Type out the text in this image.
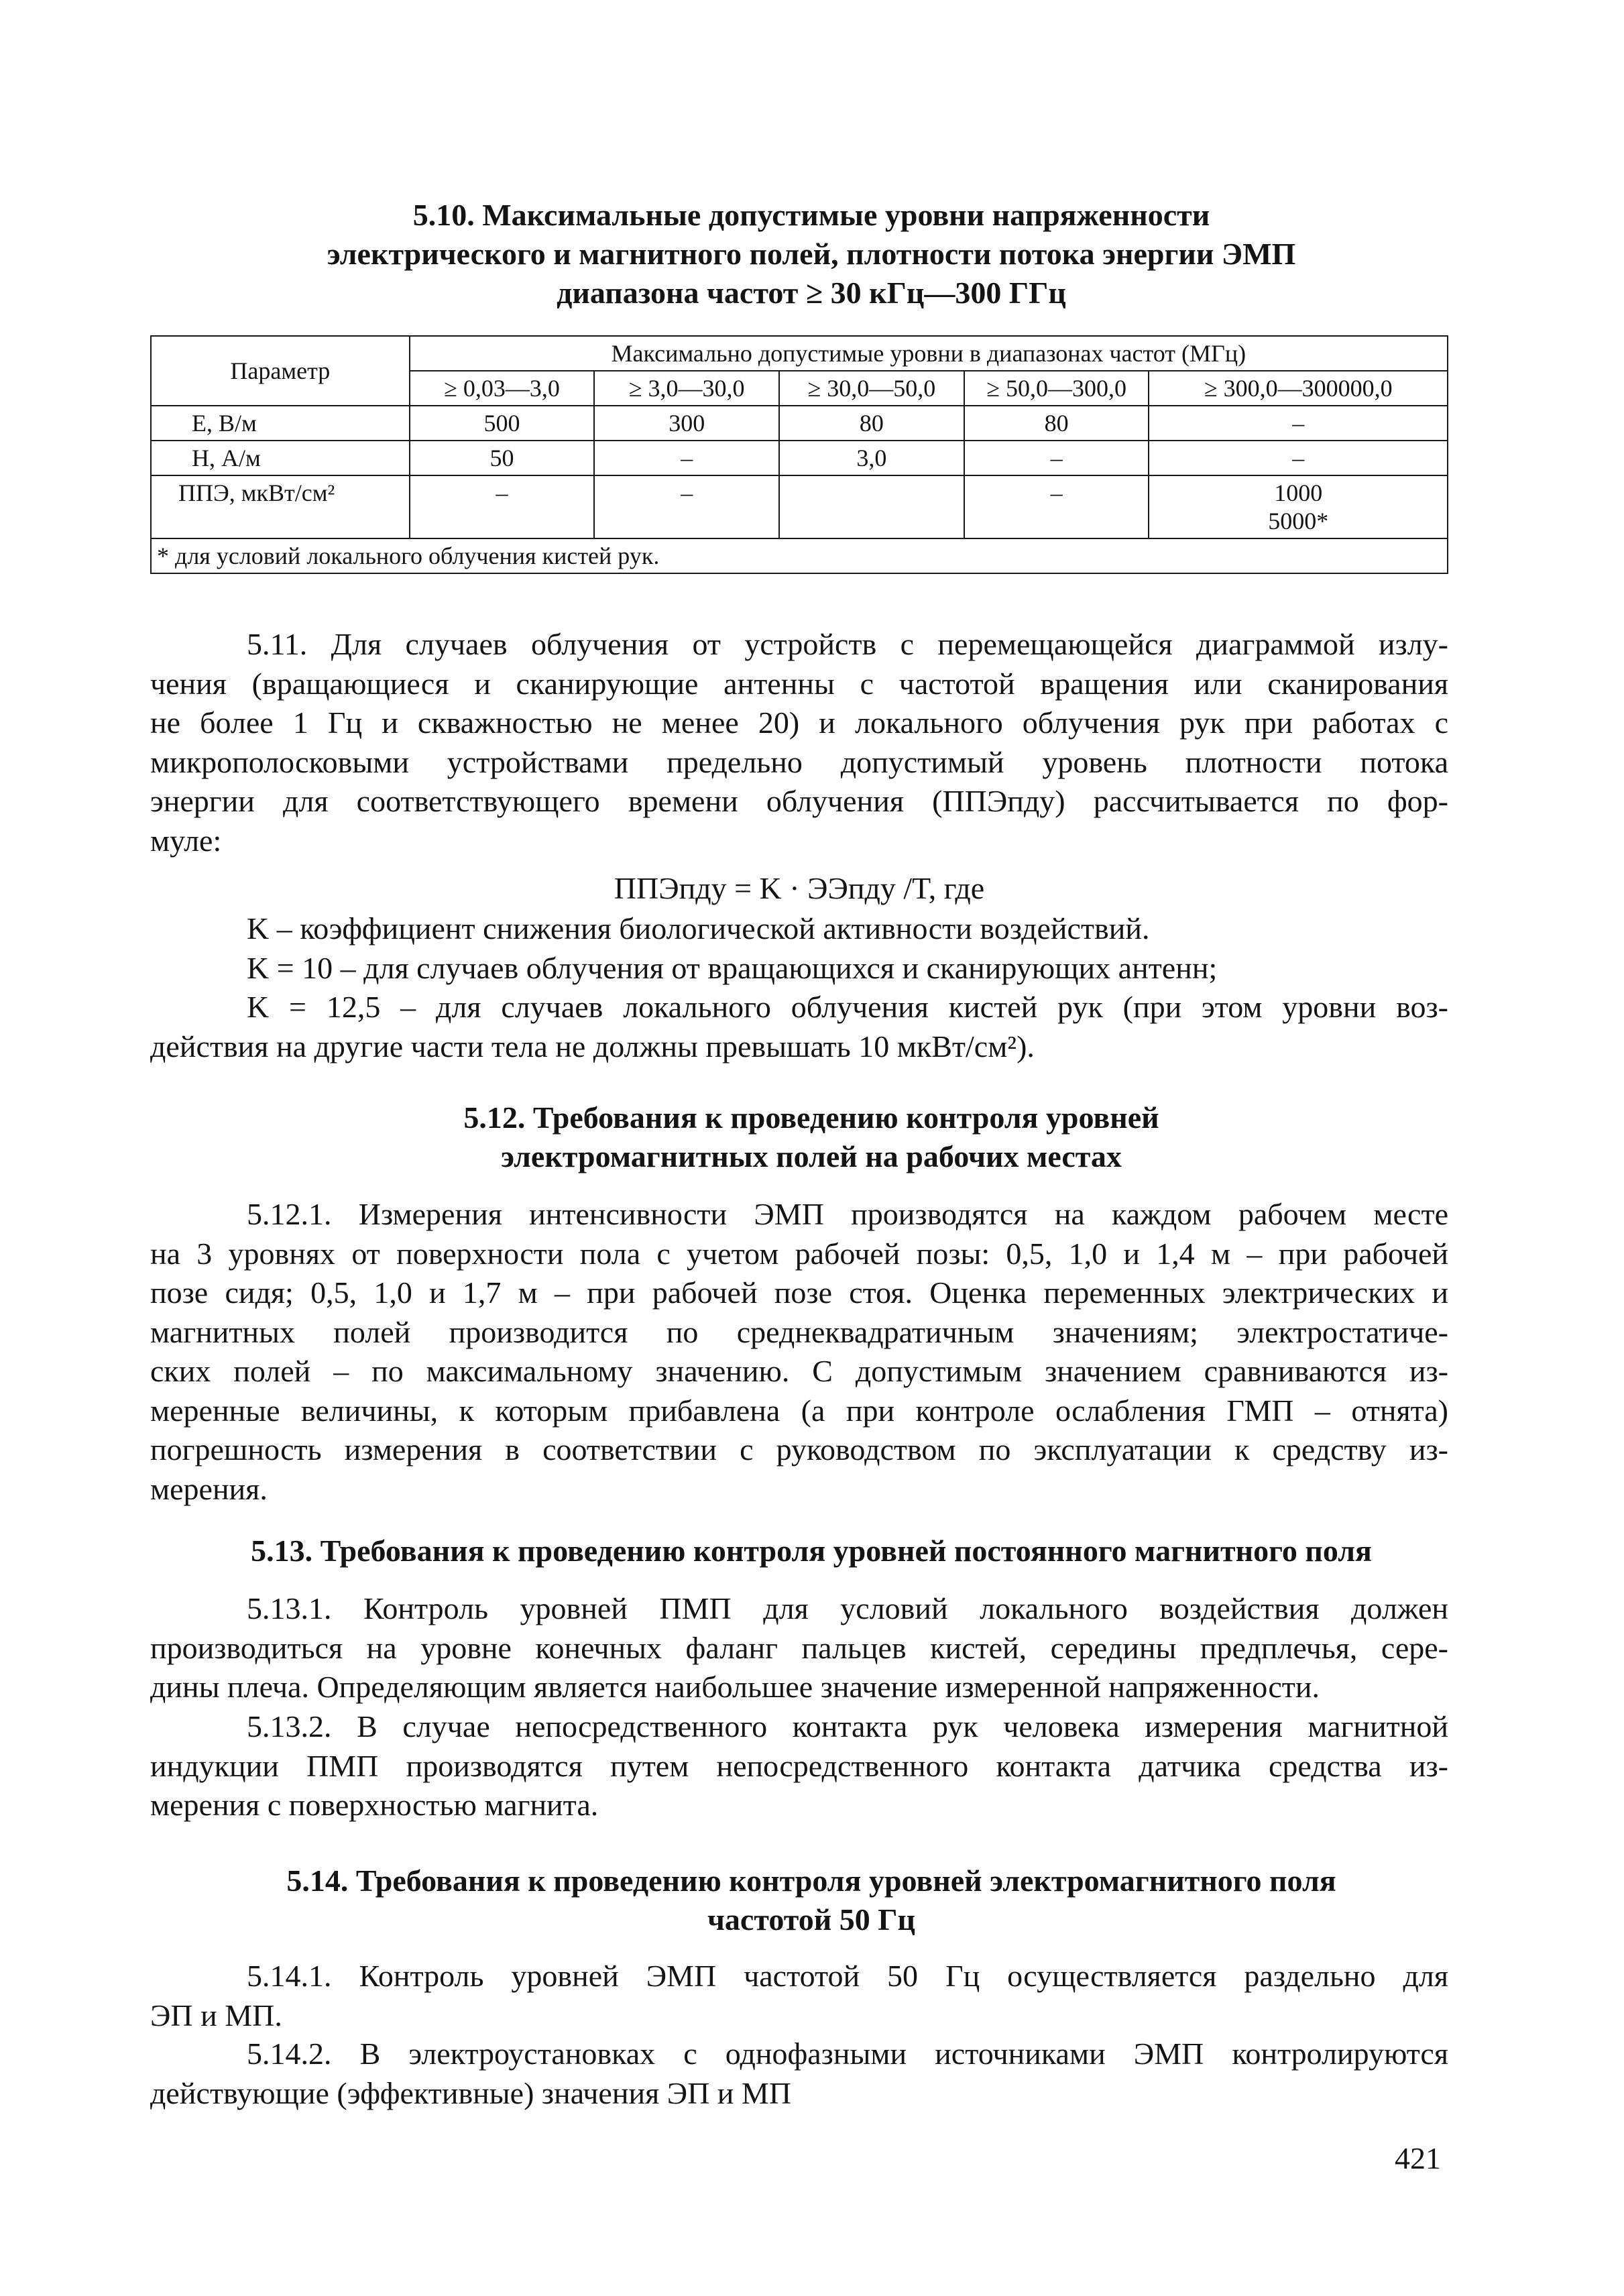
5.10. Максимальные допустимые уровни напряженности
электрического и магнитного полей, плотности потока энергии ЭМП
диапазона частот ≥ 30 кГц—300 ГГц
Параметр	Максимально допустимые уровни в диапазонах частот (МГц)				
	≥ 0,03—3,0	≥ 3,0—30,0	≥ 30,0—50,0	≥ 50,0—300,0	≥ 300,0—300000,0
E, В/м	500	300	80	80	–
H, А/м	50	–	3,0	–	–
ППЭ, мкВт/см²	–	–		–	1000
5000*

* для условий локального облучения кистей рук.					

5.11. Для случаев облучения от устройств с перемещающейся диаграммой излу-
чения (вращающиеся и сканирующие антенны с частотой вращения или сканирования
не более 1 Гц и скважностью не менее 20) и локального облучения рук при работах с
микрополосковыми устройствами предельно допустимый уровень плотности потока
энергии для соответствующего времени облучения (ППЭпду) рассчитывается по фор-
муле:

ППЭпду = K · ЭЭпду /T, где

K – коэффициент снижения биологической активности воздействий.
K = 10 – для случаев облучения от вращающихся и сканирующих антенн;
K = 12,5 – для случаев локального облучения кистей рук (при этом уровни воз-
действия на другие части тела не должны превышать 10 мкВт/см²).

5.12. Требования к проведению контроля уровней
электромагнитных полей на рабочих местах

5.12.1. Измерения интенсивности ЭМП производятся на каждом рабочем месте
на 3 уровнях от поверхности пола с учетом рабочей позы: 0,5, 1,0 и 1,4 м – при рабочей
позе сидя; 0,5, 1,0 и 1,7 м – при рабочей позе стоя. Оценка переменных электрических и
магнитных полей производится по среднеквадратичным значениям; электростатиче-
ских полей – по максимальному значению. С допустимым значением сравниваются из-
меренные величины, к которым прибавлена (а при контроле ослабления ГМП – отнята)
погрешность измерения в соответствии с руководством по эксплуатации к средству из-
мерения.

5.13. Требования к проведению контроля уровней постоянного магнитного поля

5.13.1. Контроль уровней ПМП для условий локального воздействия должен
производиться на уровне конечных фаланг пальцев кистей, середины предплечья, сере-
дины плеча. Определяющим является наибольшее значение измеренной напряженности.

5.13.2. В случае непосредственного контакта рук человека измерения магнитной
индукции ПМП производятся путем непосредственного контакта датчика средства из-
мерения с поверхностью магнита.

5.14. Требования к проведению контроля уровней электромагнитного поля
частотой 50 Гц

5.14.1. Контроль уровней ЭМП частотой 50 Гц осуществляется раздельно для
ЭП и МП.

5.14.2. В электроустановках с однофазными источниками ЭМП контролируются
действующие (эффективные) значения ЭП и МП

421
